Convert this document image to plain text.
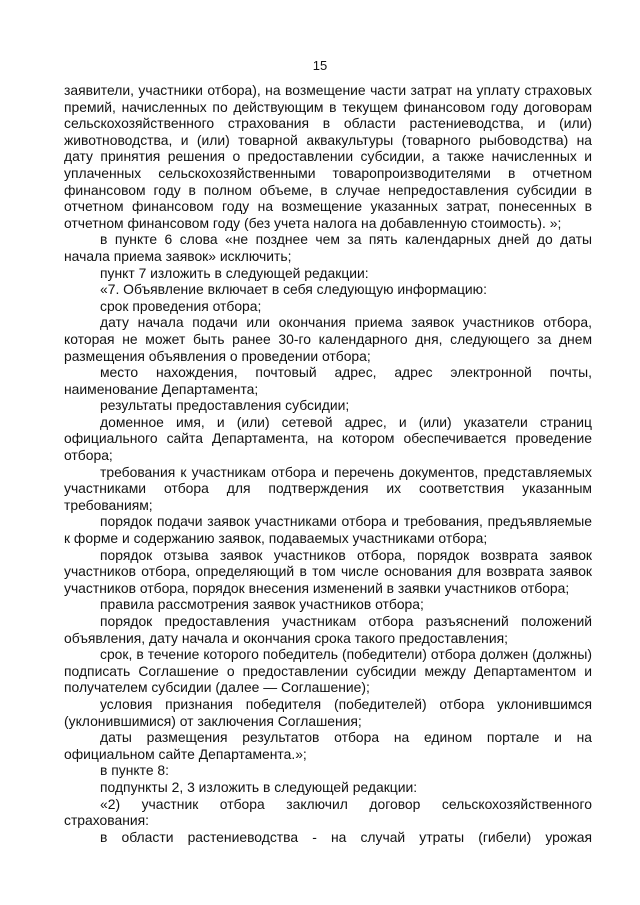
15

заявители, участники отбора), на возмещение части затрат на уплату страховых премий, начисленных по действующим в текущем финансовом году договорам сельскохозяйственного страхования в области растениеводства, и (или) животноводства, и (или) товарной аквакультуры (товарного рыбоводства) на дату принятия решения о предоставлении субсидии, а также начисленных и уплаченных сельскохозяйственными товаропроизводителями в отчетном финансовом году в полном объеме, в случае непредоставления субсидии в отчетном финансовом году на возмещение указанных затрат, понесенных в отчетном финансовом году (без учета налога на добавленную стоимость). »;

в пункте 6 слова «не позднее чем за пять календарных дней до даты начала приема заявок» исключить;

пункт 7 изложить в следующей редакции:

«7. Объявление включает в себя следующую информацию:

срок проведения отбора;

дату начала подачи или окончания приема заявок участников отбора, которая не может быть ранее 30-го календарного дня, следующего за днем размещения объявления о проведении отбора;

место нахождения, почтовый адрес, адрес электронной почты, наименование Департамента;

результаты предоставления субсидии;

доменное имя, и (или) сетевой адрес, и (или) указатели страниц официального сайта Департамента, на котором обеспечивается проведение отбора;

требования к участникам отбора и перечень документов, представляемых участниками отбора для подтверждения их соответствия указанным требованиям;

порядок подачи заявок участниками отбора и требования, предъявляемые к форме и содержанию заявок, подаваемых участниками отбора;

порядок отзыва заявок участников отбора, порядок возврата заявок участников отбора, определяющий в том числе основания для возврата заявок участников отбора, порядок внесения изменений в заявки участников отбора;

правила рассмотрения заявок участников отбора;

порядок предоставления участникам отбора разъяснений положений объявления, дату начала и окончания срока такого предоставления;

срок, в течение которого победитель (победители) отбора должен (должны) подписать Соглашение о предоставлении субсидии между Департаментом и получателем субсидии (далее — Соглашение);

условия признания победителя (победителей) отбора уклонившимся (уклонившимися) от заключения Соглашения;

даты размещения результатов отбора на едином портале и на официальном сайте Департамента.»;

в пункте 8:

подпункты 2, 3 изложить в следующей редакции:

«2) участник отбора заключил договор сельскохозяйственного страхования:

в области растениеводства - на случай утраты (гибели) урожая
